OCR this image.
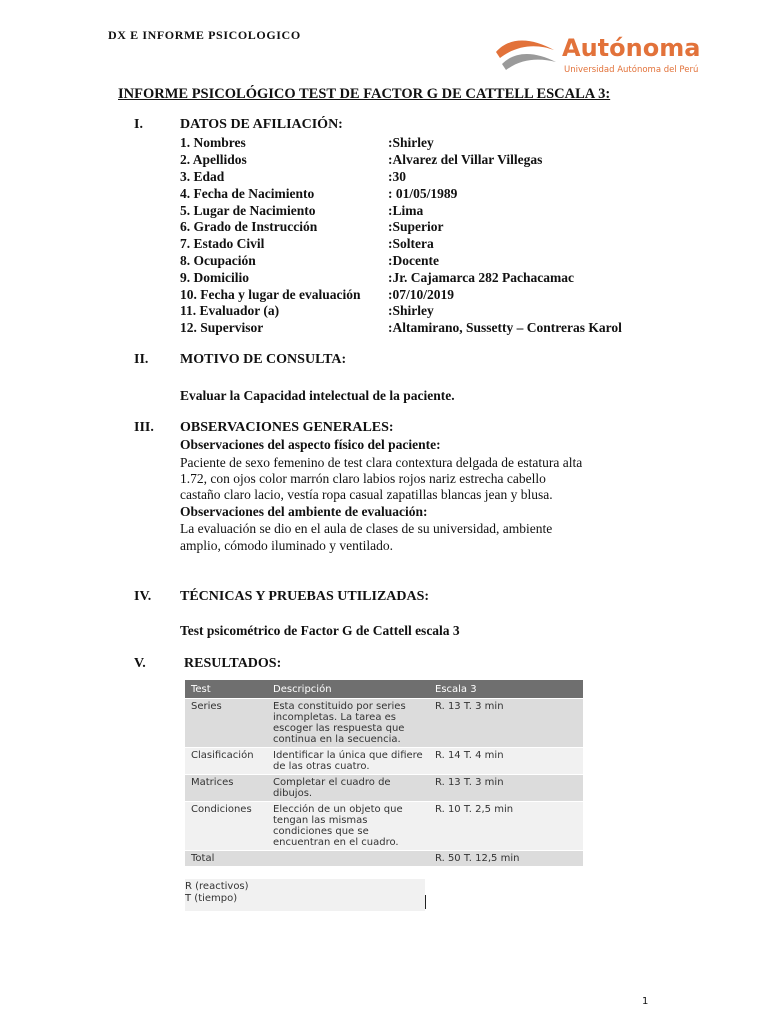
DX E INFORME PSICOLOGICO	Autónoma
Universidad Autónoma del Perú
INFORME PSICOLÓGICO TEST DE FACTOR G DE CATTELL ESCALA 3:
I.	DATOS DE AFILIACIÓN:
1. Nombres	:Shirley
2. Apellidos	:Alvarez del Villar Villegas
3. Edad	:30
4. Fecha de Nacimiento	: 01/05/1989
5. Lugar de Nacimiento	:Lima
6. Grado de Instrucción	:Superior
7. Estado Civil	:Soltera
8. Ocupación	:Docente
9. Domicilio	:Jr. Cajamarca 282 Pachacamac
10. Fecha y lugar de evaluación :07/10/2019
11. Evaluador (a)	:Shirley
12. Supervisor	:Altamirano, Sussetty – Contreras Karol
II. MOTIVO DE CONSULTA:
Evaluar la Capacidad intelectual de la paciente.
III. OBSERVACIONES GENERALES:
Observaciones del aspecto físico del paciente:
Paciente de sexo femenino de test clara contextura delgada de estatura alta
1.72, con ojos color marrón claro labios rojos nariz estrecha cabello
castaño claro lacio, vestía ropa casual zapatillas blancas jean y blusa.
Observaciones del ambiente de evaluación:
La evaluación se dio en el aula de clases de su universidad, ambiente
amplio, cómodo iluminado y ventilado.
IV. TÉCNICAS Y PRUEBAS UTILIZADAS:
Test psicométrico de Factor G de Cattell escala 3
V.	RESULTADOS:
Test	Descripción	Escala 3
Series	Esta constituido por series incompletas. La tarea es escoger las respuesta que continua en la secuencia.	R. 13 T. 3 min
Clasificación	Identificar la única que difiere de las otras cuatro.	R. 14 T. 4 min
Matrices	Completar el cuadro de dibujos.	R. 13 T. 3 min
Condiciones	Elección de un objeto que tengan las mismas condiciones que se encuentran en el cuadro.	R. 10 T. 2,5 min
Total		R. 50 T. 12,5 min
R (reactivos)
T (tiempo)
1
